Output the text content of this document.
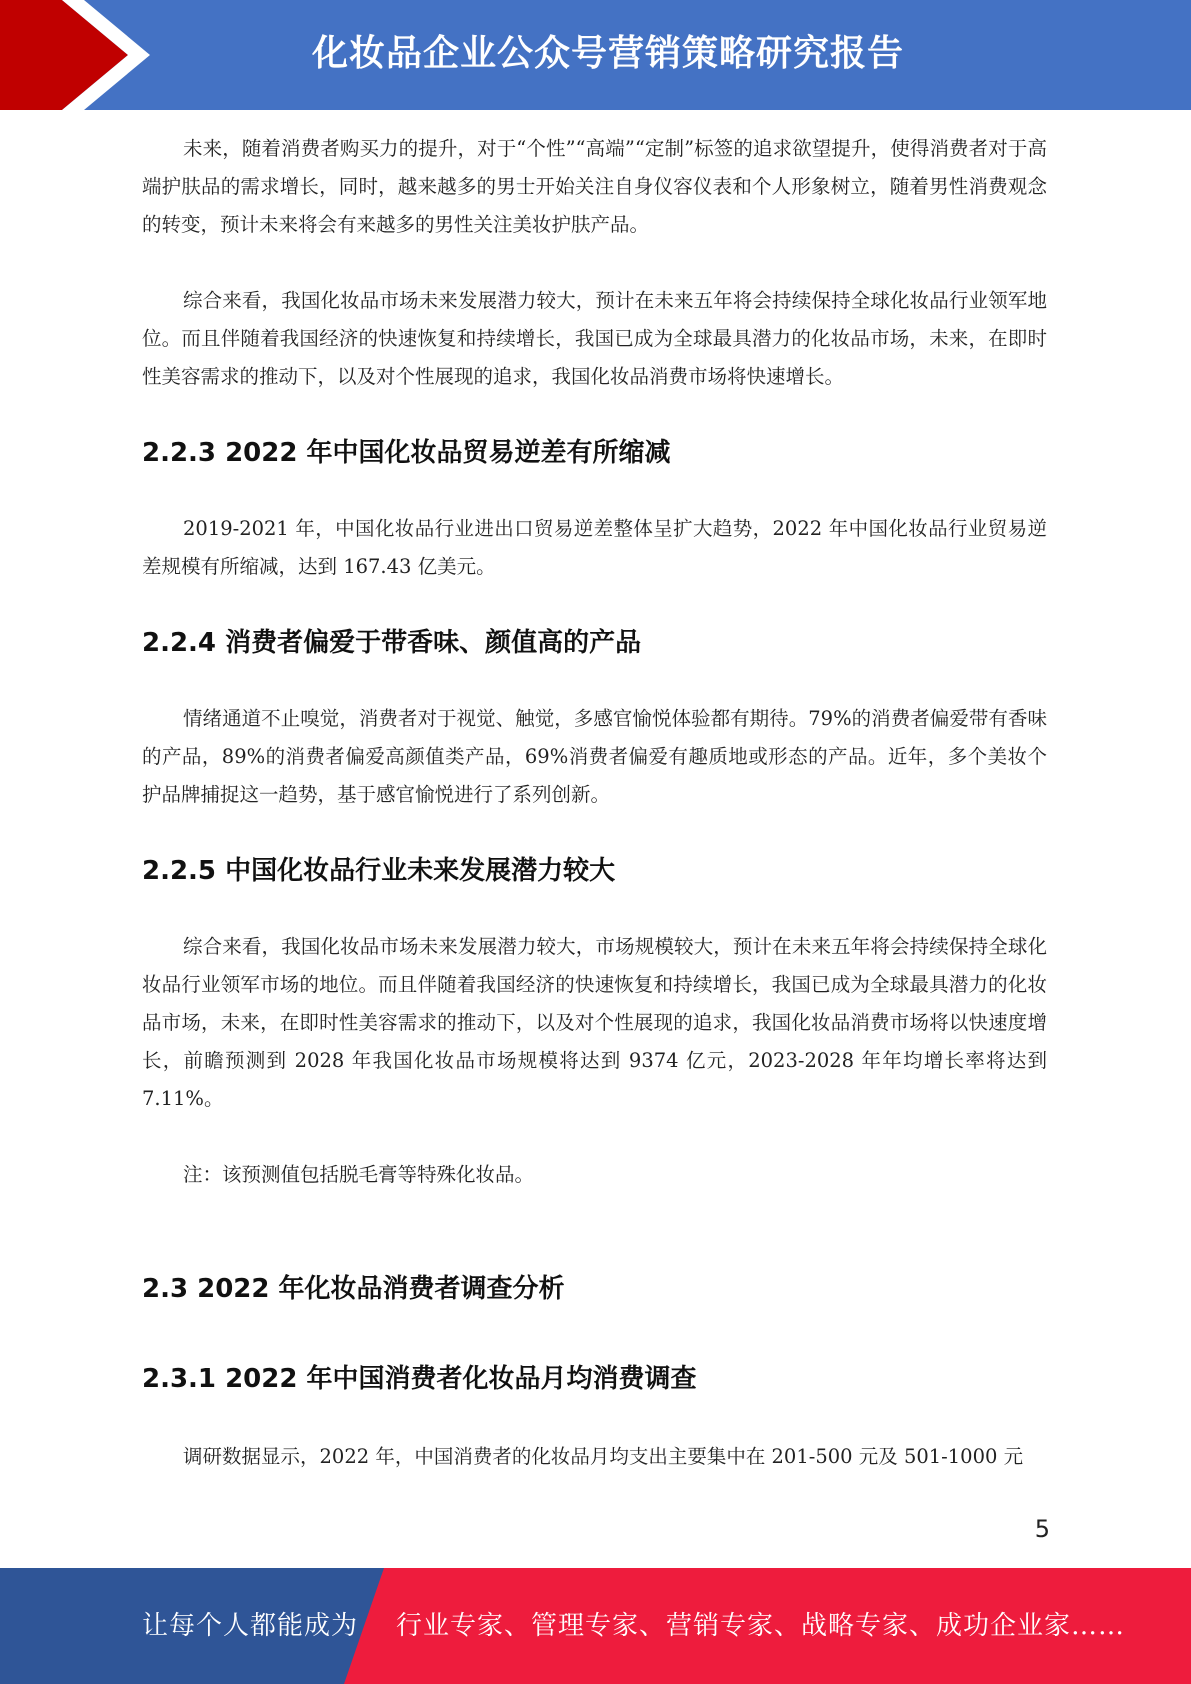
化妆品企业公众号营销策略研究报告

未来，随着消费者购买力的提升，对于“个性”“高端”“定制”标签的追求欲望提升，使得消费者对于高端护肤品的需求增长，同时，越来越多的男士开始关注自身仪容仪表和个人形象树立，随着男性消费观念的转变，预计未来将会有来越多的男性关注美妆护肤产品。

综合来看，我国化妆品市场未来发展潜力较大，预计在未来五年将会持续保持全球化妆品行业领军地位。而且伴随着我国经济的快速恢复和持续增长，我国已成为全球最具潜力的化妆品市场，未来，在即时性美容需求的推动下，以及对个性展现的追求，我国化妆品消费市场将快速增长。

2.2.3 2022 年中国化妆品贸易逆差有所缩减

2019-2021 年，中国化妆品行业进出口贸易逆差整体呈扩大趋势，2022 年中国化妆品行业贸易逆差规模有所缩减，达到 167.43 亿美元。

2.2.4 消费者偏爱于带香味、颜值高的产品

情绪通道不止嗅觉，消费者对于视觉、触觉，多感官愉悦体验都有期待。79%的消费者偏爱带有香味的产品，89%的消费者偏爱高颜值类产品，69%消费者偏爱有趣质地或形态的产品。近年，多个美妆个护品牌捕捉这一趋势，基于感官愉悦进行了系列创新。

2.2.5 中国化妆品行业未来发展潜力较大

综合来看，我国化妆品市场未来发展潜力较大，市场规模较大，预计在未来五年将会持续保持全球化妆品行业领军市场的地位。而且伴随着我国经济的快速恢复和持续增长，我国已成为全球最具潜力的化妆品市场，未来，在即时性美容需求的推动下，以及对个性展现的追求，我国化妆品消费市场将以快速度增长，前瞻预测到 2028 年我国化妆品市场规模将达到 9374 亿元，2023-2028 年年均增长率将达到 7.11%。

注：该预测值包括脱毛膏等特殊化妆品。

2.3 2022 年化妆品消费者调查分析
2.3.1 2022 年中国消费者化妆品月均消费调查

调研数据显示，2022 年，中国消费者的化妆品月均支出主要集中在 201-500 元及 501-1000 元

5
让每个人都能成为 行业专家、管理专家、营销专家、战略专家、成功企业家……
